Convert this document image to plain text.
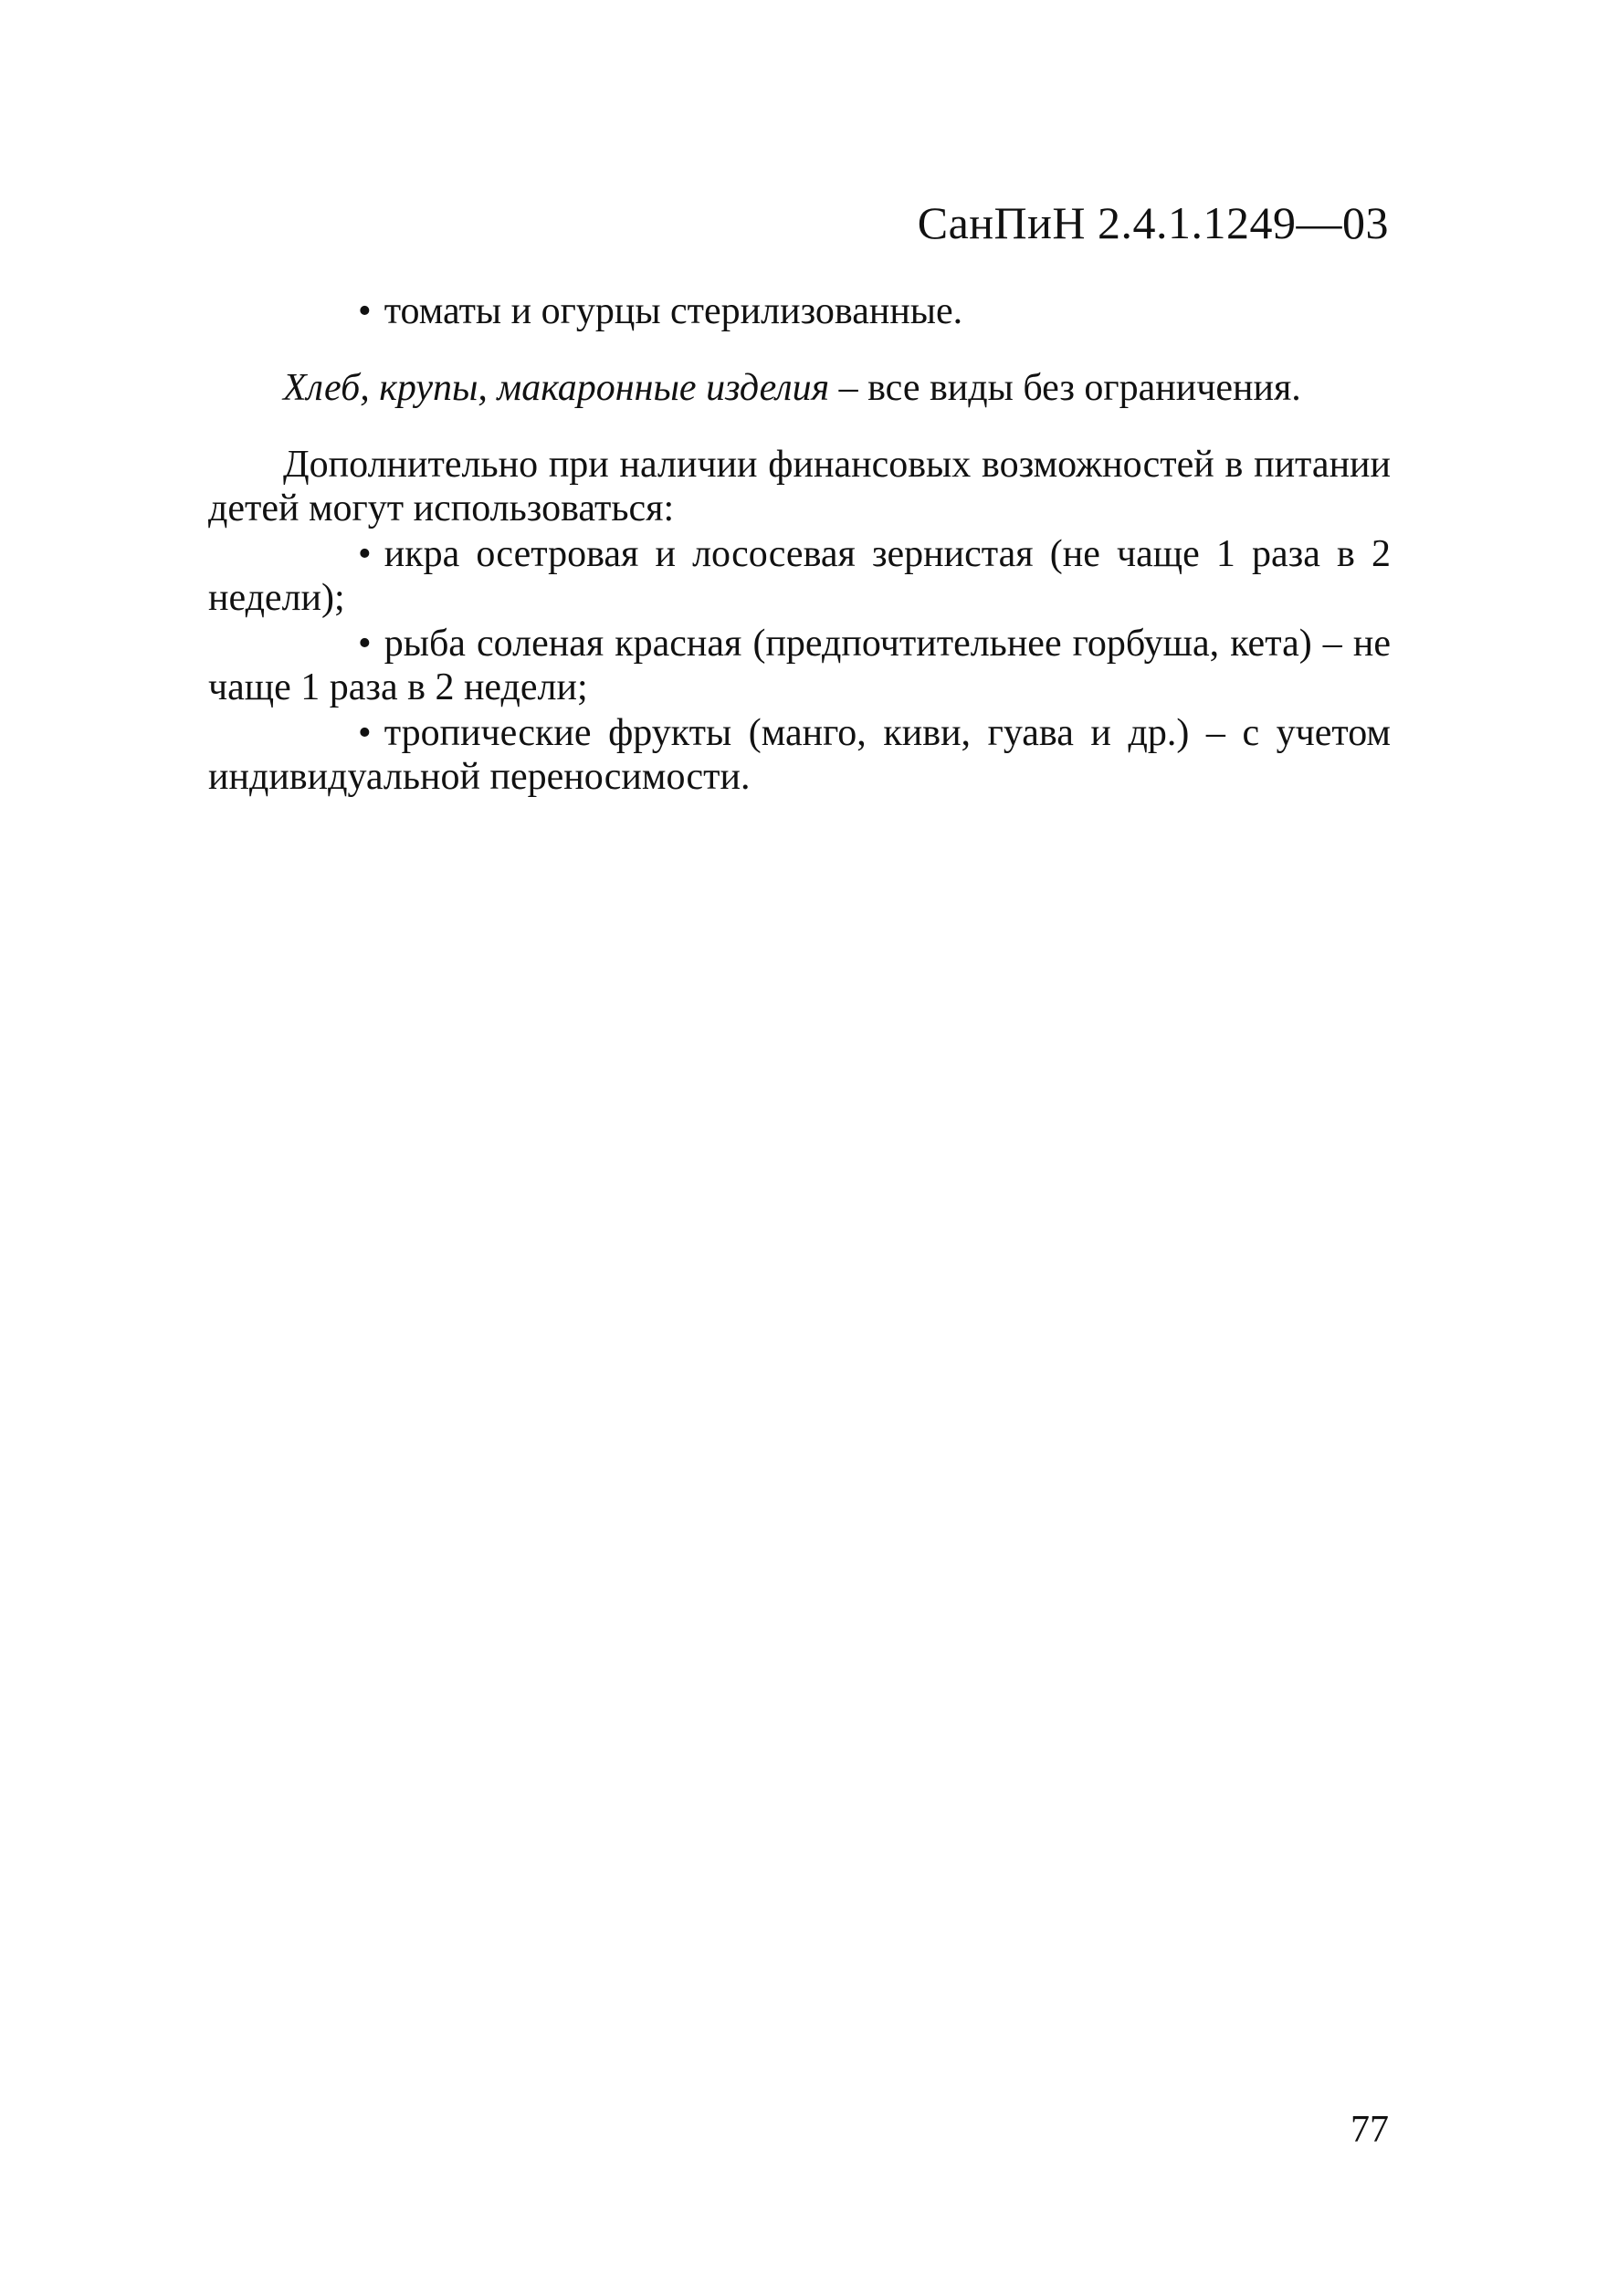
СанПиН 2.4.1.1249—03

• томаты и огурцы стерилизованные.

Хлеб, крупы, макаронные изделия – все виды без ограничения.

Дополнительно при наличии финансовых возможностей в питании детей могут использоваться:

• икра осетровая и лососевая зернистая (не чаще 1 раза в 2 недели);

• рыба соленая красная (предпочтительнее горбуша, кета) – не чаще 1 раза в 2 недели;

• тропические фрукты (манго, киви, гуава и др.) – с учетом индивидуальной переносимости.

77
